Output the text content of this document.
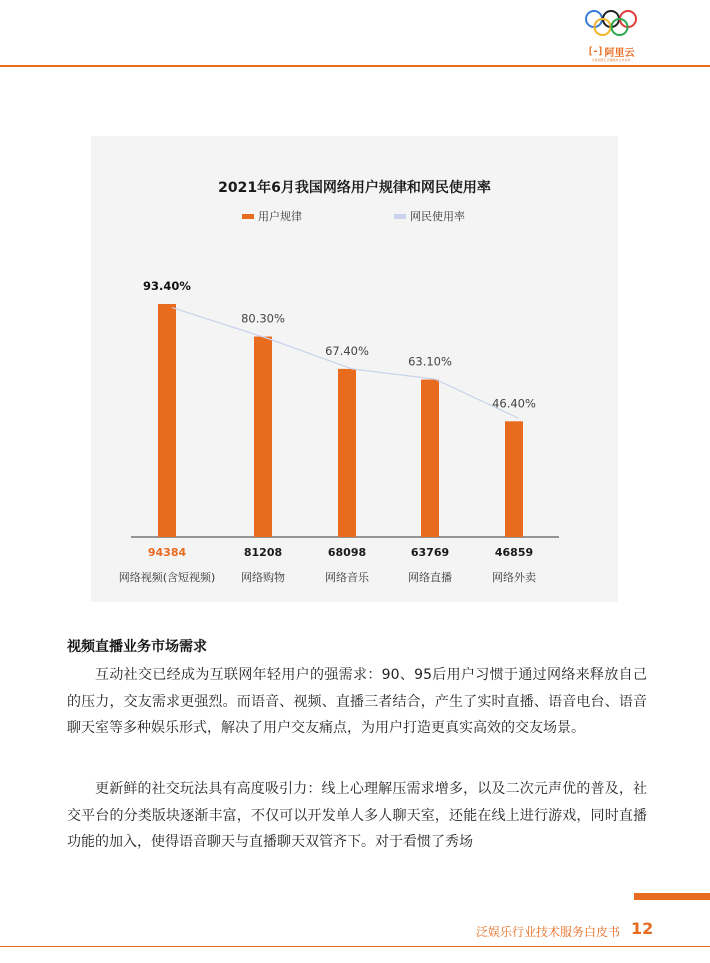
[-] 阿里云
全球顶级云计算服务合作伙伴
2021年6月我国网络用户规律和网民使用率
用户规律	网民使用率
93.40%
80.30%
67.40%
63.10%
46.40%
94384	81208	68098	63769	46859
网络视频(含短视频) 网络购物	网络音乐	网络直播	网络外卖
视频直播业务市场需求
互动社交已经成为互联网年轻用户的强需求：90、95后用户习惯于通过网络来释放自己的压力，交友需求更强烈。而语音、视频、直播三者结合，产生了实时直播、语音电台、语音聊天室等多种娱乐形式，解决了用户交友痛点，为用户打造更真实高效的交友场景。
更新鲜的社交玩法具有高度吸引力：线上心理解压需求增多，以及二次元声优的普及，社交平台的分类版块逐渐丰富，不仅可以开发单人多人聊天室，还能在线上进行游戏，同时直播功能的加入，使得语音聊天与直播聊天双管齐下。对于看惯了秀场
泛娱乐行业技术服务白皮书 12
